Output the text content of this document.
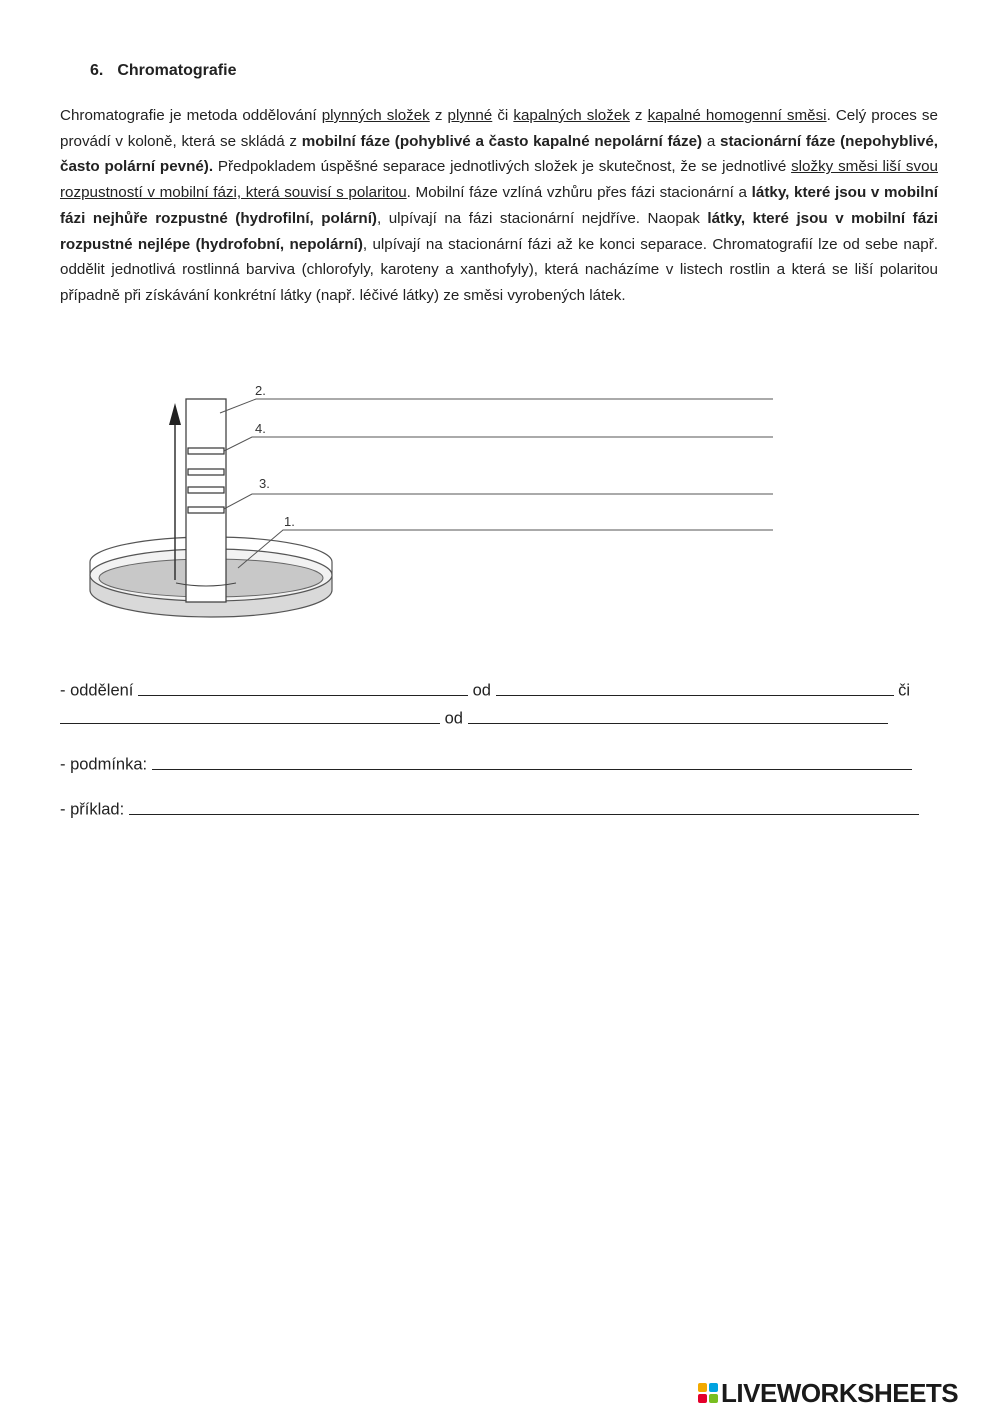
6. Chromatografie

Chromatografie je metoda oddělování plynných složek z plynné či kapalných složek z kapalné homogenní směsi. Celý proces se provádí v koloně, která se skládá z mobilní fáze (pohyblivé a často kapalné nepolární fáze) a stacionární fáze (nepohyblivé, často polární pevné). Předpokladem úspěšné separace jednotlivých složek je skutečnost, že se jednotlivé složky směsi liší svou rozpustností v mobilní fázi, která souvisí s polaritou. Mobilní fáze vzlíná vzhůru přes fázi stacionární a látky, které jsou v mobilní fázi nejhůře rozpustné (hydrofilní, polární), ulpívají na fázi stacionární nejdříve. Naopak látky, které jsou v mobilní fázi rozpustné nejlépe (hydrofobní, nepolární), ulpívají na stacionární fázi až ke konci separace. Chromatografií lze od sebe např. oddělit jednotlivá rostlinná barviva (chlorofyly, karoteny a xanthofyly), která nacházíme v listech rostlin a která se liší polaritou případně při získávání konkrétní látky (např. léčivé látky) ze směsi vyrobených látek.

2.
4.
3.
1.
- oddělení	od	či
od
- podmínka:
- příklad:
LIVEWORKSHEETS
